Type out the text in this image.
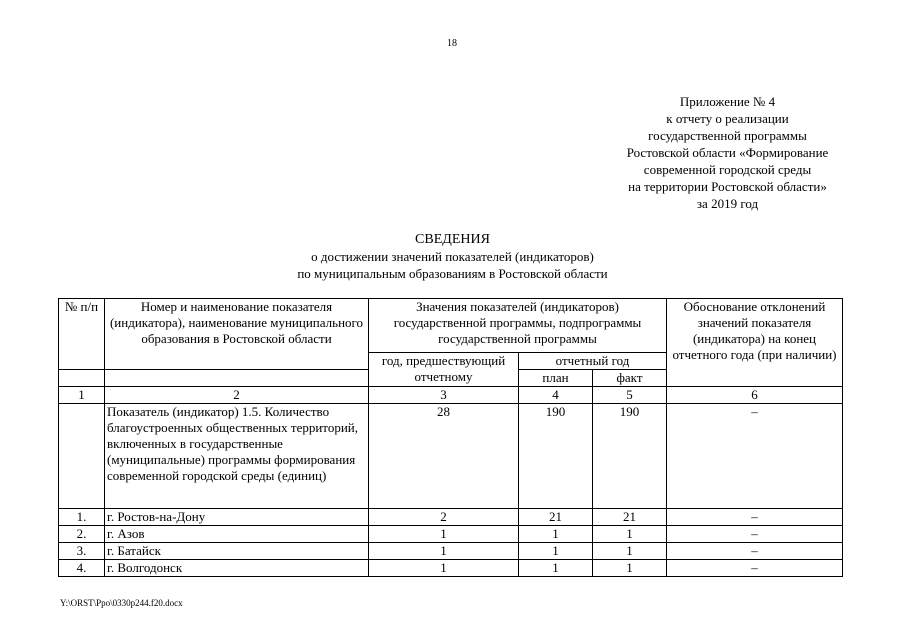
18
Приложение № 4
к отчету о реализации
государственной программы
Ростовской области «Формирование
современной городской среды
на территории Ростовской области»
за 2019 год
СВЕДЕНИЯ
о достижении значений показателей (индикаторов)
по муниципальным образованиям в Ростовской области
№ п/п	Номер и наименование показателя (индикатора), наименование муниципального образования в Ростовской области	Значения показателей (индикаторов) государственной программы, подпрограммы государственной программы			Обоснование отклонений значений показателя (индикатора) на конец отчетного года (при наличии)
		год, предшествующий отчетному	отчетный год		
			план	факт	
1	2	3	4	5	6
	Показатель (индикатор) 1.5. Количество благоустроенных общественных территорий, включенных в государственные (муниципальные) программы формирования современной городской среды (единиц)	28	190	190	–
1.	г. Ростов-на-Дону	2	21	21	–
2.	г. Азов	1	1	1	–
3.	г. Батайск	1	1	1	–
4.	г. Волгодонск	1	1	1	–
Y:\ORST\Ppo\0330p244.f20.docx
